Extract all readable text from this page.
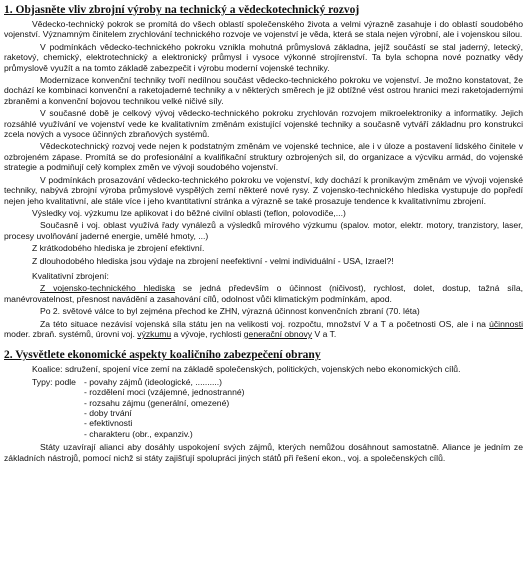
1. Objasněte vliv zbrojní výroby na technický a vědeckotechnický rozvoj

Vědecko-technický pokrok se promítá do všech oblastí společenského života a velmi výrazně zasahuje i do oblastí soudobého vojenství. Významným činitelem zrychlování technického rozvoje ve vojenství je věda, která se stala nejen výrobní, ale i vojenskou silou.

V podmínkách vědecko-technického pokroku vznikla mohutná průmyslová základna, jejíž součástí se stal jaderný, letecký, raketový, chemický, elektrotechnický a elektronický průmysl i vysoce výkonné strojírenství. Ta byla schopna nové poznatky vědy průmyslově využít a na tomto základě zabezpečit i výrobu moderní vojenské techniky.

Modernizace konvenční techniky tvoří nedílnou součást vědecko-technického pokroku ve vojenství. Je možno konstatovat, že dochází ke kombinaci konvenční a raketojaderné techniky a v některých směrech je již obtížné vést ostrou hranici mezi raketojadernými zbraněmi a konvenční bojovou technikou velké ničivé síly.

V současné době je celkový vývoj vědecko-technického pokroku zrychlován rozvojem mikroelektroniky a informatiky. Jejich rozsáhlé využívání ve vojenství vede ke kvalitativním změnám existující vojenské techniky a současně vytváří základnu pro konstrukci zcela nových a vysoce účinných zbraňových systémů.

Vědeckotechnický rozvoj vede nejen k podstatným změnám ve vojenské technice, ale i v úloze a postavení lidského činitele v ozbrojeném zápase. Promítá se do profesionální a kvalifikační struktury ozbrojených sil, do organizace a výcviku armád, do vojenské strategie a podmiňují celý komplex změn ve vývoji soudobého vojenství.

V podmínkách prosazování vědecko-technického pokroku ve vojenství, kdy dochází k pronikavým změnám ve vývoji vojenské techniky, nabývá zbrojní výroba průmyslové vyspělých zemí některé nové rysy. Z vojensko-technického hlediska vystupuje do popředí nejen jeho kvalitativní, ale stále více i jeho kvantitativní stránka a výrazně se také prosazuje tendence k kvalitativnímu zbrojení.

Výsledky voj. výzkumu lze aplikovat i do běžné civilní oblasti (teflon, polovodiče,...)

Současně i voj. oblast využívá řady vynálezů a výsledků mírového výzkumu (spalov. motor, elektr. motory, tranzistory, laser, procesy uvolňování jaderné energie, umělé hmoty, ...)

Z krátkodobého hlediska je zbrojení efektivní.

Z dlouhodobého hlediska jsou výdaje na zbrojení neefektivní - velmi individuální - USA, Izrael?!

Kvalitativní zbrojení:

Z vojensko-technického hlediska se jedná především o účinnost (ničivost), rychlost, dolet, dostup, tažná síla, manévrovatelnost, přesnost navádění a zasahování cílů, odolnost vůči klimatickým podmínkám, apod.

Po 2. světové válce to byl zejména přechod ke ZHN, výrazná účinnost konvenčních zbraní (70. léta)

Za této situace nezávisí vojenská síla státu jen na velikosti voj. rozpočtu, množství V a T a početnosti OS, ale i na účinnosti moder. zbraň. systémů, úrovni voj. výzkumu a vývoje, rychlosti generační obnovy V a T.

2. Vysvětlete ekonomické aspekty koaličního zabezpečení obrany

Koalice: sdružení, spojení více zemí na základě společenských, politických, vojenských nebo ekonomických cílů.

Typy: podle - povahy zájmů (ideologické, ..........)
- rozdělení moci (vzájemné, jednostranné)
- rozsahu zájmu (generální, omezené)
- doby trvání
- efektivnosti
- charakteru (obr., expanziv.)

Státy uzavírají alianci aby dosáhly uspokojení svých zájmů, kterých nemůžou dosáhnout samostatně. Aliance je jedním ze základních nástrojů, pomocí nichž si státy zajišťují spolupráci jiných států při řešení ekon., voj. a společenských cílů.
